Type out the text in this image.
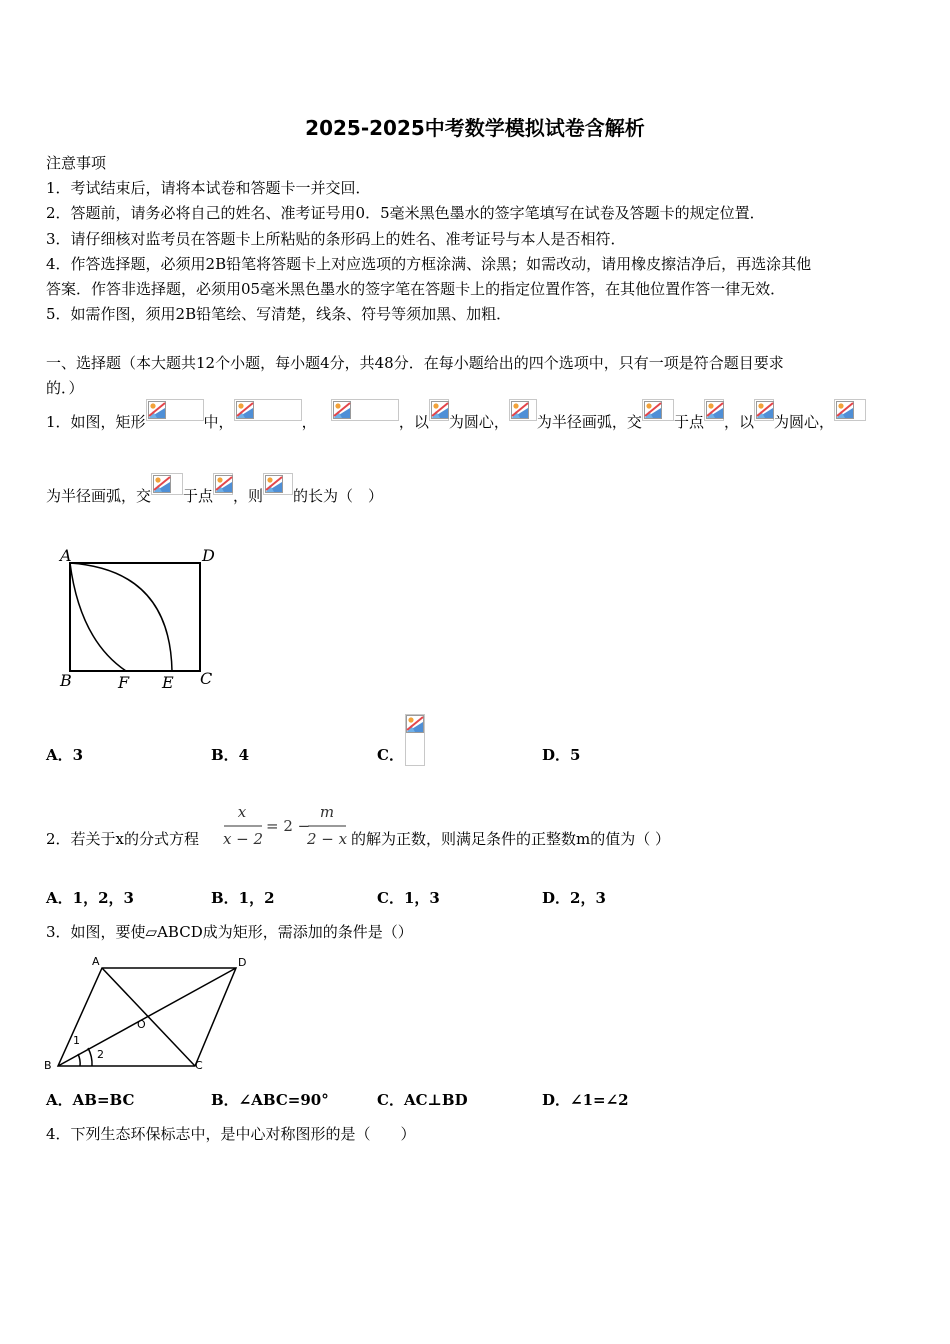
2025-2025中考数学模拟试卷含解析
注意事项
1．考试结束后，请将本试卷和答题卡一并交回．
2．答题前，请务必将自己的姓名、准考证号用0．5毫米黑色墨水的签字笔填写在试卷及答题卡的规定位置．
3．请仔细核对监考员在答题卡上所粘贴的条形码上的姓名、准考证号与本人是否相符．
4．作答选择题，必须用2B铅笔将答题卡上对应选项的方框涂满、涂黑；如需改动，请用橡皮擦洁净后，再选涂其他
答案．作答非选择题，必须用05毫米黑色墨水的签字笔在答题卡上的指定位置作答，在其他位置作答一律无效．
5．如需作图，须用2B铅笔绘、写清楚，线条、符号等须加黑、加粗．
一、选择题（本大题共12个小题，每小题4分，共48分．在每小题给出的四个选项中，只有一项是符合题目要求
的．）
1．如图，矩形	中，	，	，以 为圆心， 为半径画弧，交 于点 ，以 为圆心，
为半径画弧，交 于点 ，则 的长为（　）
A	D
B	F E C
A．3	B．4	C．	D．5
2．若关于x的分式方程
x
x − 2
= 2 −
m
2 − x 的解为正数，则满足条件的正整数m的值为（ ）
A．1，2，3	B．1，2	C．1，3	D．2，3
3．如图，要使▱ABCD成为矩形，需添加的条件是（）
A	D
O
1
2
B	C
A．AB=BC	B．∠ABC=90°	C．AC⊥BD	D．∠1=∠2
4．下列生态环保标志中，是中心对称图形的是（　　）
